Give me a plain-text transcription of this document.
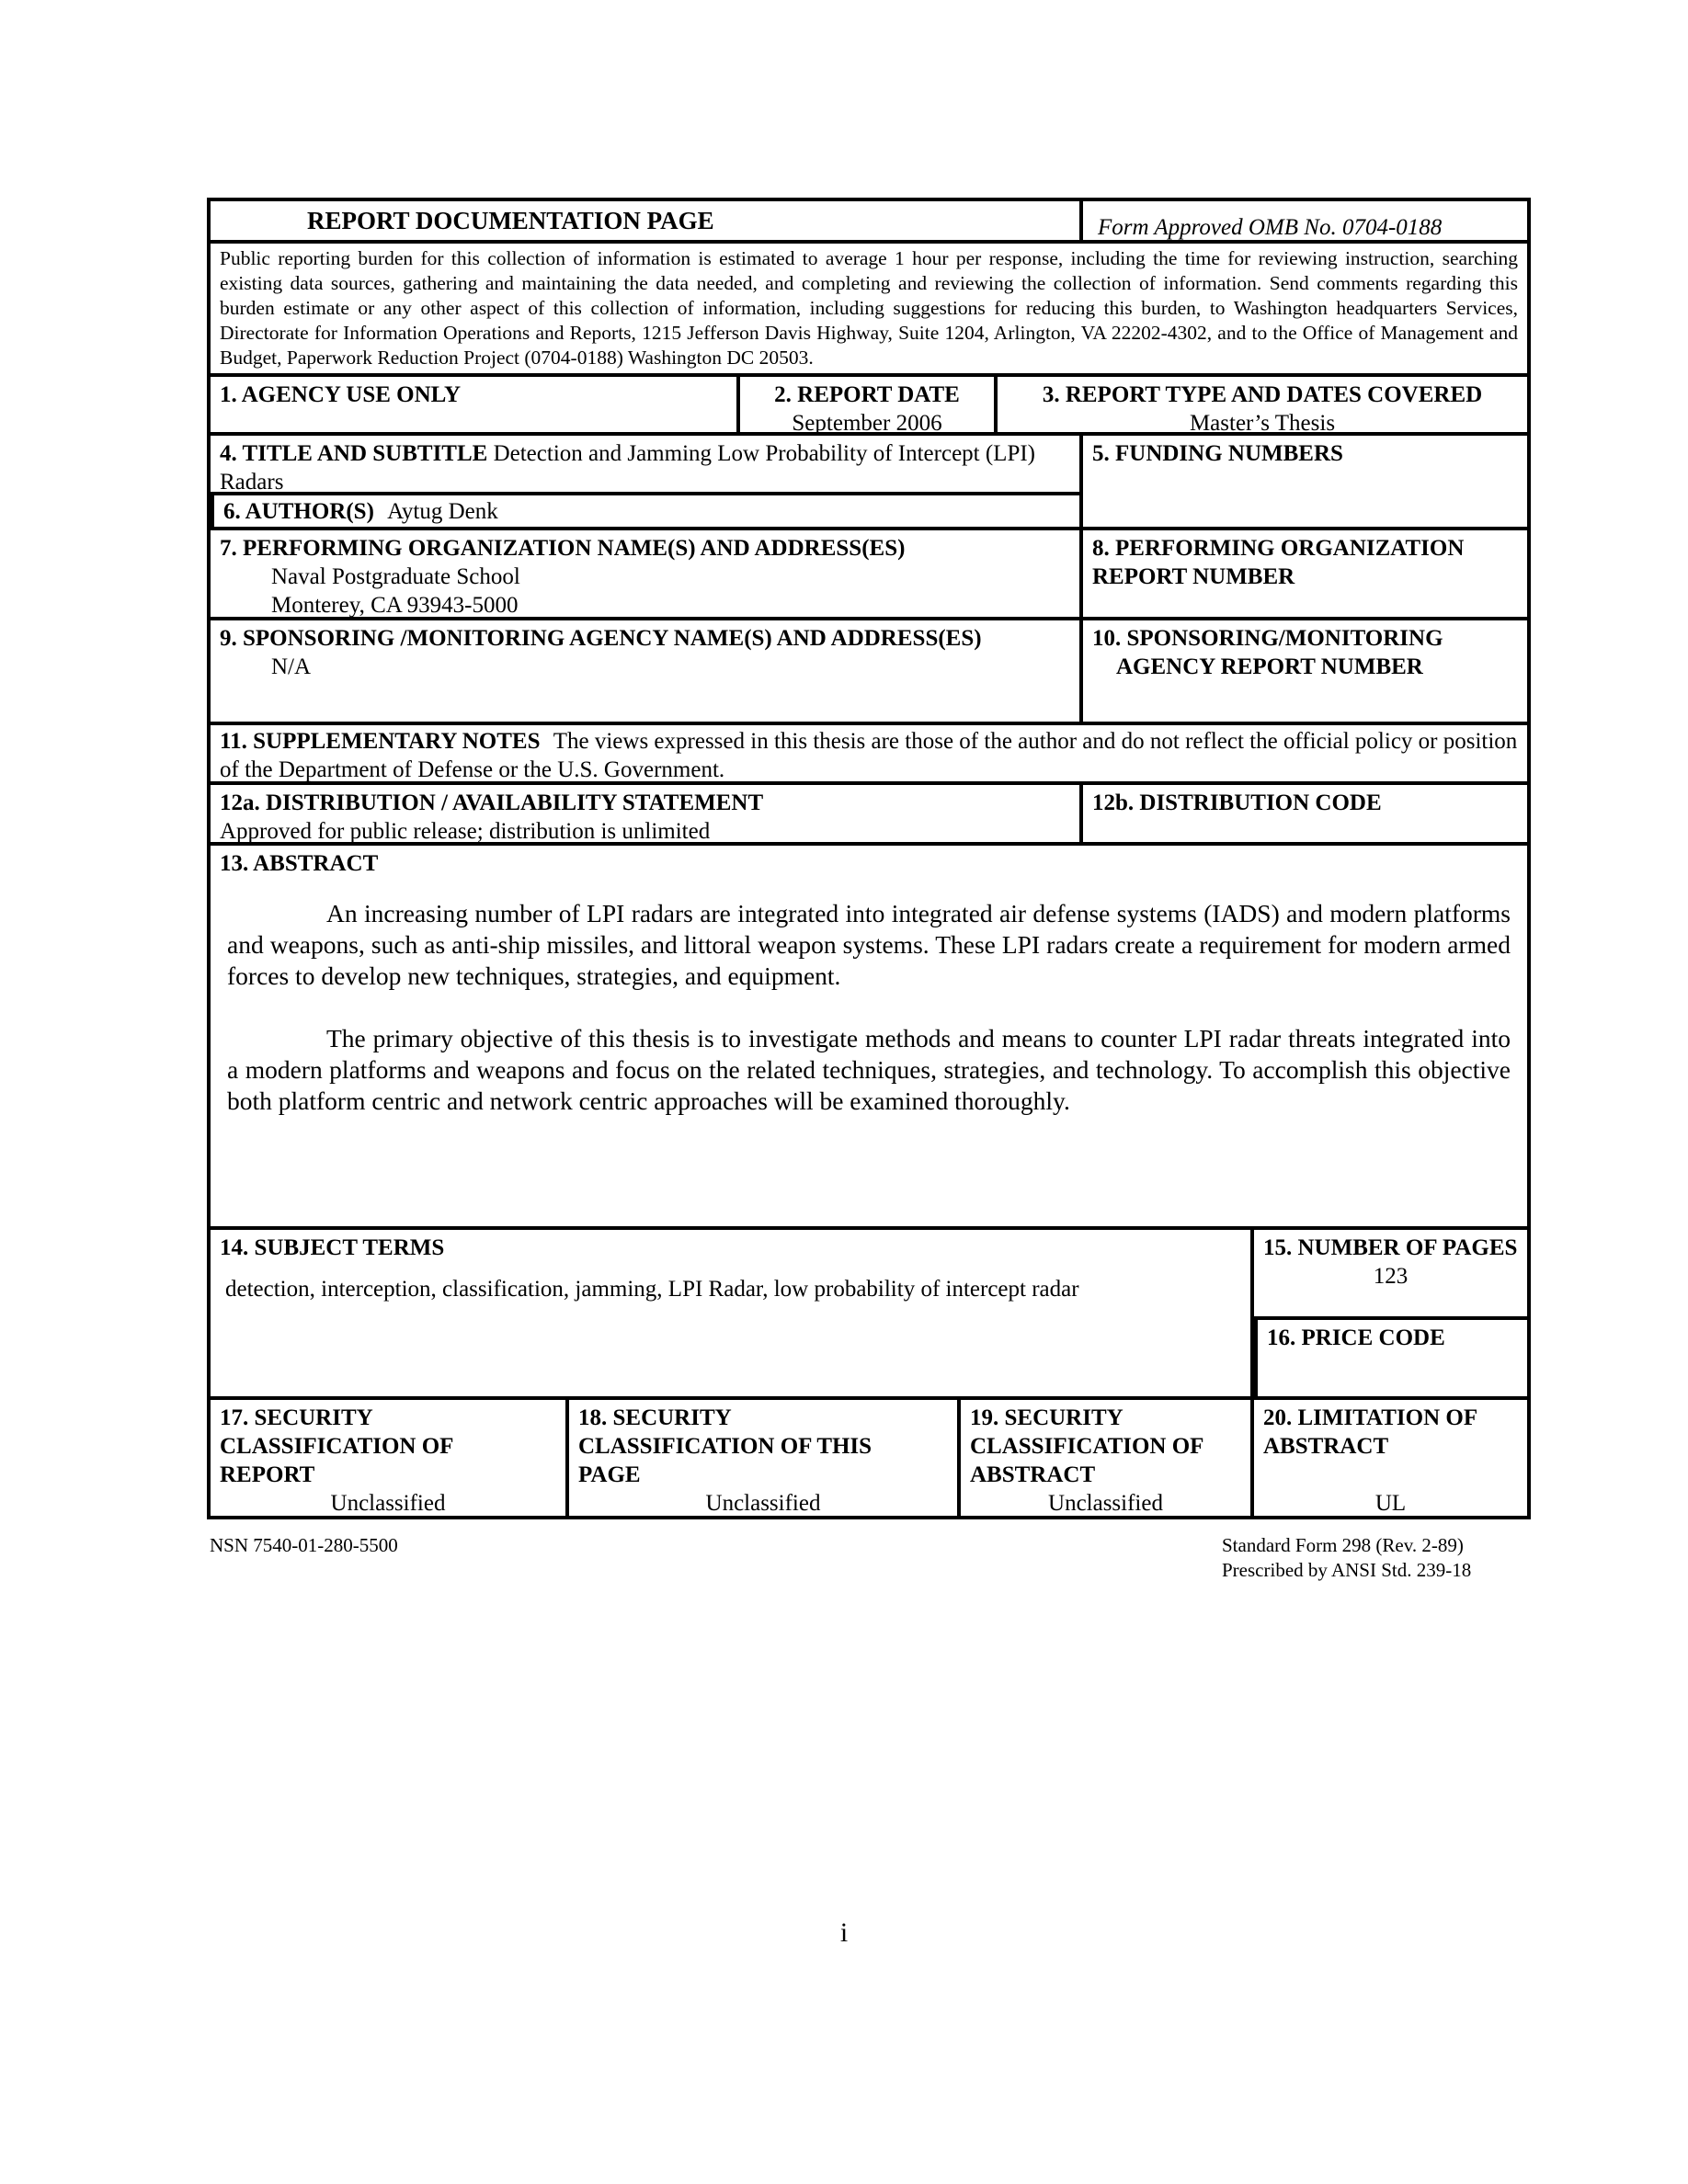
REPORT DOCUMENTATION PAGE	Form Approved OMB No. 0704-0188
Public reporting burden for this collection of information is estimated to average 1 hour per response, including the time for reviewing instruction, searching existing data sources, gathering and maintaining the data needed, and completing and reviewing the collection of information. Send comments regarding this burden estimate or any other aspect of this collection of information, including suggestions for reducing this burden, to Washington headquarters Services, Directorate for Information Operations and Reports, 1215 Jefferson Davis Highway, Suite 1204, Arlington, VA 22202-4302, and to the Office of Management and Budget, Paperwork Reduction Project (0704-0188) Washington DC 20503.
1. AGENCY USE ONLY	2. REPORT DATE
September 2006
3. REPORT TYPE AND DATES COVERED
Master’s Thesis
4. TITLE AND SUBTITLE Detection and Jamming Low Probability of Intercept (LPI) Radars
6. AUTHOR(S) Aytug Denk
5. FUNDING NUMBERS
7. PERFORMING ORGANIZATION NAME(S) AND ADDRESS(ES)
Naval Postgraduate School
Monterey, CA 93943-5000
8. PERFORMING ORGANIZATION REPORT NUMBER
9. SPONSORING /MONITORING AGENCY NAME(S) AND ADDRESS(ES)
N/A
10. SPONSORING/MONITORING
AGENCY REPORT NUMBER
11. SUPPLEMENTARY NOTES The views expressed in this thesis are those of the author and do not reflect the official policy or position of the Department of Defense or the U.S. Government.
12a. DISTRIBUTION / AVAILABILITY STATEMENT
Approved for public release; distribution is unlimited
12b. DISTRIBUTION CODE
13. ABSTRACT

An increasing number of LPI radars are integrated into integrated air defense systems (IADS) and modern platforms and weapons, such as anti-ship missiles, and littoral weapon systems. These LPI radars create a requirement for modern armed forces to develop new techniques, strategies, and equipment.

The primary objective of this thesis is to investigate methods and means to counter LPI radar threats integrated into a modern platforms and weapons and focus on the related techniques, strategies, and technology. To accomplish this objective both platform centric and network centric approaches will be examined thoroughly.

14. SUBJECT TERMS
detection, interception, classification, jamming, LPI Radar, low probability of intercept radar
15. NUMBER OF PAGES
123
16. PRICE CODE
17. SECURITY CLASSIFICATION OF REPORT
Unclassified
18. SECURITY CLASSIFICATION OF THIS PAGE
Unclassified
19. SECURITY CLASSIFICATION OF ABSTRACT
Unclassified
20. LIMITATION OF ABSTRACT
UL
NSN 7540-01-280-5500	Standard Form 298 (Rev. 2-89)
Prescribed by ANSI Std. 239-18
i
